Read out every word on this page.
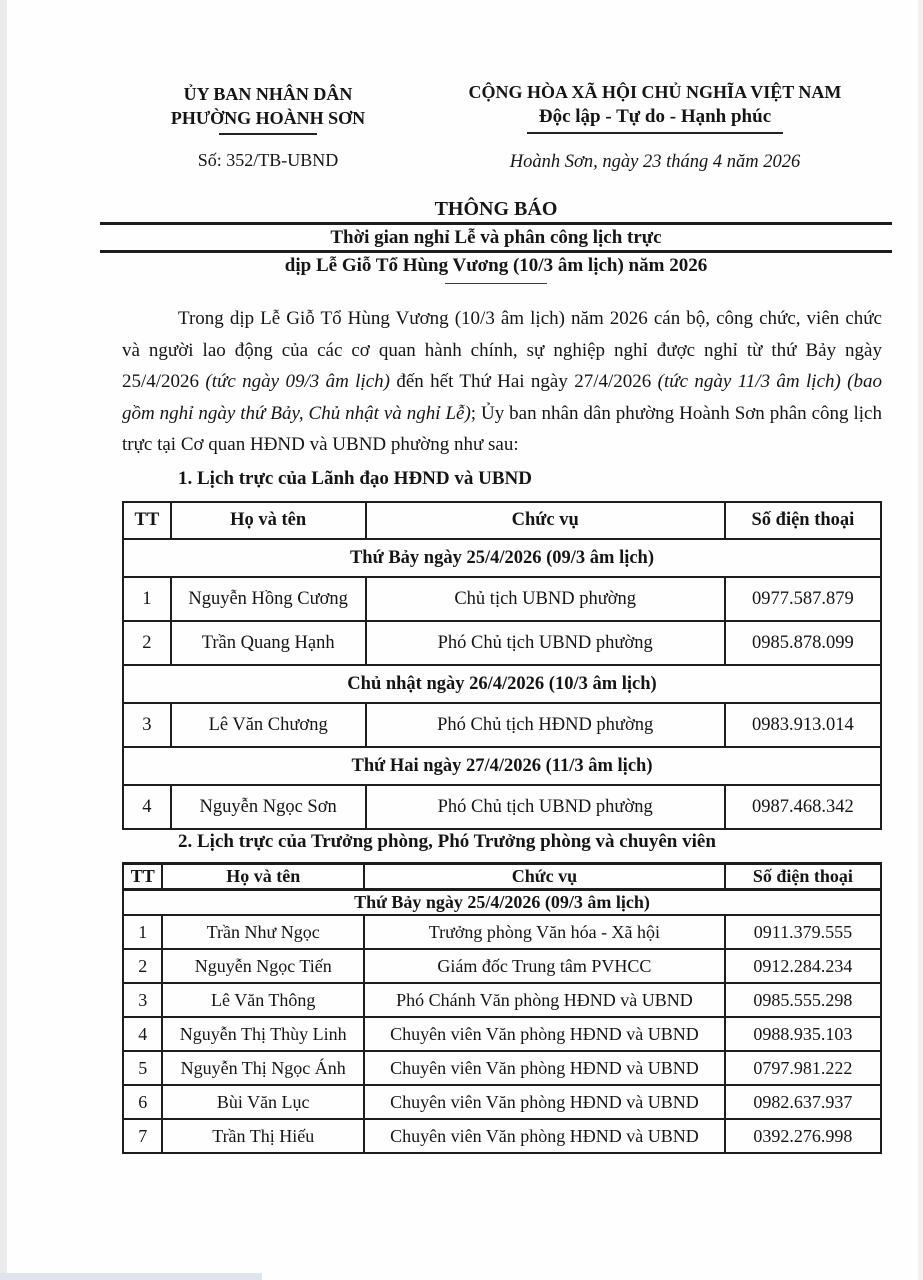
ỦY BAN NHÂN DÂN
PHƯỜNG HOÀNH SƠN
Số: 352/TB-UBND
CỘNG HÒA XÃ HỘI CHỦ NGHĨA VIỆT NAM
Độc lập - Tự do - Hạnh phúc
Hoành Sơn, ngày 23 tháng 4 năm 2026
THÔNG BÁO
Thời gian nghỉ Lễ và phân công lịch trực
dịp Lễ Giỗ Tổ Hùng Vương (10/3 âm lịch) năm 2026
Trong dịp Lễ Giỗ Tổ Hùng Vương (10/3 âm lịch) năm 2026 cán bộ, công chức, viên chức và người lao động của các cơ quan hành chính, sự nghiệp nghỉ được nghỉ từ thứ Bảy ngày 25/4/2026 (tức ngày 09/3 âm lịch) đến hết Thứ Hai ngày 27/4/2026 (tức ngày 11/3 âm lịch) (bao gồm nghỉ ngày thứ Bảy, Chủ nhật và nghỉ Lễ); Ủy ban nhân dân phường Hoành Sơn phân công lịch trực tại Cơ quan HĐND và UBND phường như sau:
1. Lịch trực của Lãnh đạo HĐND và UBND
TT	Họ và tên	Chức vụ	Số điện thoại
Thứ Bảy ngày 25/4/2026 (09/3 âm lịch)			
1	Nguyễn Hồng Cương	Chủ tịch UBND phường	0977.587.879
2	Trần Quang Hạnh	Phó Chủ tịch UBND phường	0985.878.099
Chủ nhật ngày 26/4/2026 (10/3 âm lịch)			
3	Lê Văn Chương	Phó Chủ tịch HĐND phường	0983.913.014
Thứ Hai ngày 27/4/2026 (11/3 âm lịch)			
4	Nguyễn Ngọc Sơn	Phó Chủ tịch UBND phường	0987.468.342
2. Lịch trực của Trưởng phòng, Phó Trưởng phòng và chuyên viên
TT	Họ và tên	Chức vụ	Số điện thoại
Thứ Bảy ngày 25/4/2026 (09/3 âm lịch)			
1	Trần Như Ngọc	Trưởng phòng Văn hóa - Xã hội	0911.379.555
2	Nguyễn Ngọc Tiến	Giám đốc Trung tâm PVHCC	0912.284.234
3	Lê Văn Thông	Phó Chánh Văn phòng HĐND và UBND	0985.555.298
4	Nguyễn Thị Thùy Linh	Chuyên viên Văn phòng HĐND và UBND	0988.935.103
5	Nguyễn Thị Ngọc Ánh	Chuyên viên Văn phòng HĐND và UBND	0797.981.222
6	Bùi Văn Lục	Chuyên viên Văn phòng HĐND và UBND	0982.637.937
7	Trần Thị Hiếu	Chuyên viên Văn phòng HĐND và UBND	0392.276.998
